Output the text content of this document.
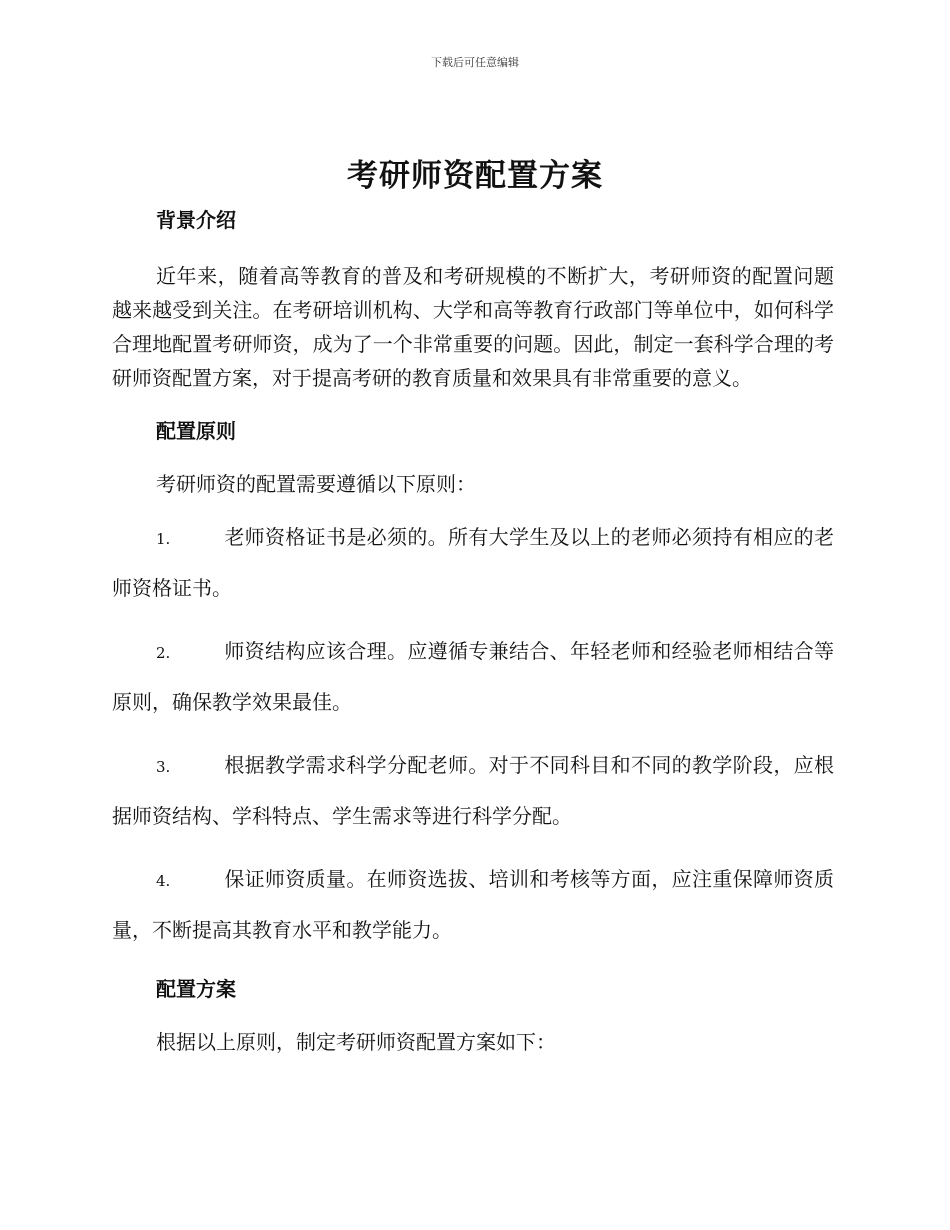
下载后可任意编辑
考研师资配置方案
背景介绍

近年来，随着高等教育的普及和考研规模的不断扩大，考研师资的配置问题越来越受到关注。在考研培训机构、大学和高等教育行政部门等单位中，如何科学合理地配置考研师资，成为了一个非常重要的问题。因此，制定一套科学合理的考研师资配置方案，对于提高考研的教育质量和效果具有非常重要的意义。

配置原则

考研师资的配置需要遵循以下原则：

1.	老师资格证书是必须的。所有大学生及以上的老师必须持有相应的老师资格证书。

2.	师资结构应该合理。应遵循专兼结合、年轻老师和经验老师相结合等原则，确保教学效果最佳。

3.	根据教学需求科学分配老师。对于不同科目和不同的教学阶段，应根据师资结构、学科特点、学生需求等进行科学分配。

4.	保证师资质量。在师资选拔、培训和考核等方面，应注重保障师资质量，不断提高其教育水平和教学能力。

配置方案

根据以上原则，制定考研师资配置方案如下：
